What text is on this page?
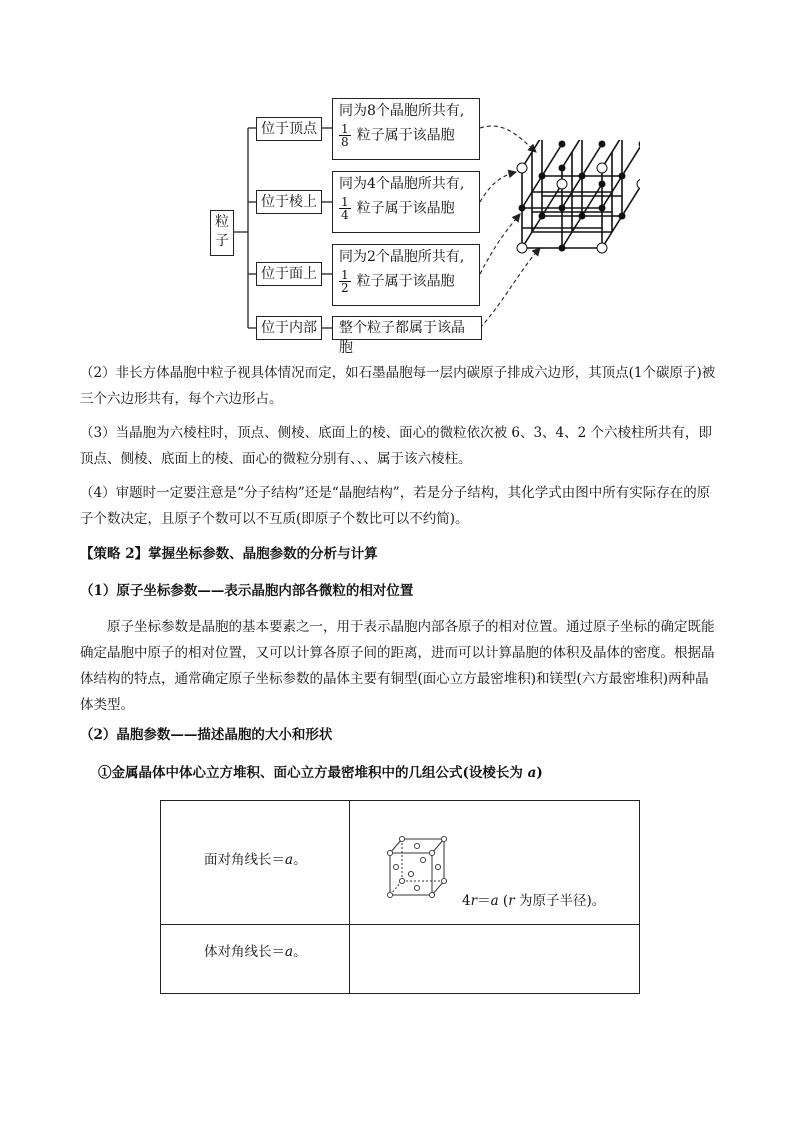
粒子
位于顶点
位于棱上
位于面上
位于内部
同为8个晶胞所共有,
$\frac{1}{8}$ 粒子属于该晶胞
同为4个晶胞所共有,
$\frac{1}{4}$ 粒子属于该晶胞
同为2个晶胞所共有,
$\frac{1}{2}$ 粒子属于该晶胞
整个粒子都属于该晶胞
（2）非长方体晶胞中粒子视具体情况而定，如石墨晶胞每一层内碳原子排成六边形，其顶点(1个碳原子)被三个六边形共有，每个六边形占。
（3）当晶胞为六棱柱时，顶点、侧棱、底面上的棱、面心的微粒依次被 6、3、4、2 个六棱柱所共有，即顶点、侧棱、底面上的棱、面心的微粒分别有、、、属于该六棱柱。
（4）审题时一定要注意是“分子结构”还是“晶胞结构”，若是分子结构，其化学式由图中所有实际存在的原子个数决定，且原子个数可以不互质(即原子个数比可以不约简)。
【策略 2】掌握坐标参数、晶胞参数的分析与计算
（1）原子坐标参数——表示晶胞内部各微粒的相对位置
原子坐标参数是晶胞的基本要素之一，用于表示晶胞内部各原子的相对位置。通过原子坐标的确定既能确定晶胞中原子的相对位置，又可以计算各原子间的距离，进而可以计算晶胞的体积及晶体的密度。根据晶体结构的特点，通常确定原子坐标参数的晶体主要有铜型(面心立方最密堆积)和镁型(六方最密堆积)两种晶体类型。
（2）晶胞参数——描述晶胞的大小和形状
①金属晶体中体心立方堆积、面心立方最密堆积中的几组公式(设棱长为 a)
面对角线长＝a。	4r＝a (r 为原子半径)。

体对角线长＝a。	
